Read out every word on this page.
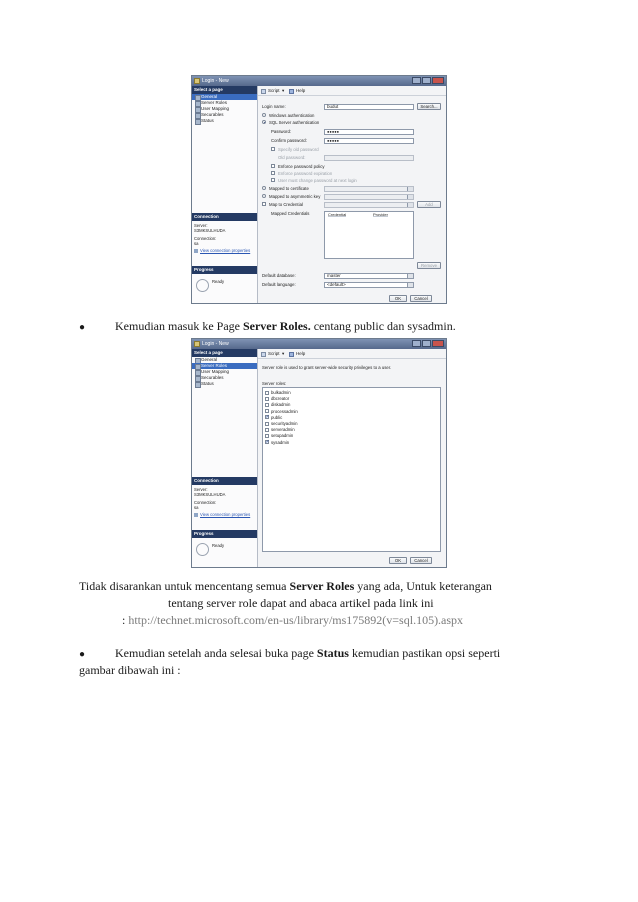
Login - New
Select a page
General
Server Roles
User Mapping
Securables
Status
Connection
Server:
S3MKSULHUDA
Connection:
sa
View connection properties
Progress
Ready
Script ▾	Help
Login name:	budut	Search...
Windows authentication
SQL Server authentication
Password:	●●●●●
Confirm password:	●●●●●
Specify old password
Old password:
Enforce password policy
Enforce password expiration
User must change password at next login
Mapped to certificate
Mapped to asymmetric key
Map to Credential	Add
Mapped Credentials	Credential	Provider
Remove
Default database:	master
Default language:	<default>
OK	Cancel
● Kemudian masuk ke Page Server Roles. centang public dan sysadmin.
Login - New
Select a page
General
Server Roles
User Mapping
Securables
Status
Connection
Server:
S3MKSULHUDA
Connection:
sa
View connection properties
Progress
Ready
Script ▾	Help
Server role is used to grant server-wide security privileges to a user.
Server roles:
bulkadmin
dbcreator
diskadmin
processadmin
✓
public
securityadmin
serveradmin
setupadmin
✓
sysadmin
OK	Cancel
Tidak disarankan untuk mencentang semua Server Roles yang ada, Untuk keterangan
tentang server role dapat and abaca artikel pada link ini
: http://technet.microsoft.com/en-us/library/ms175892(v=sql.105).aspx
● Kemudian setelah anda selesai buka page Status kemudian pastikan opsi seperti
gambar dibawah ini :
